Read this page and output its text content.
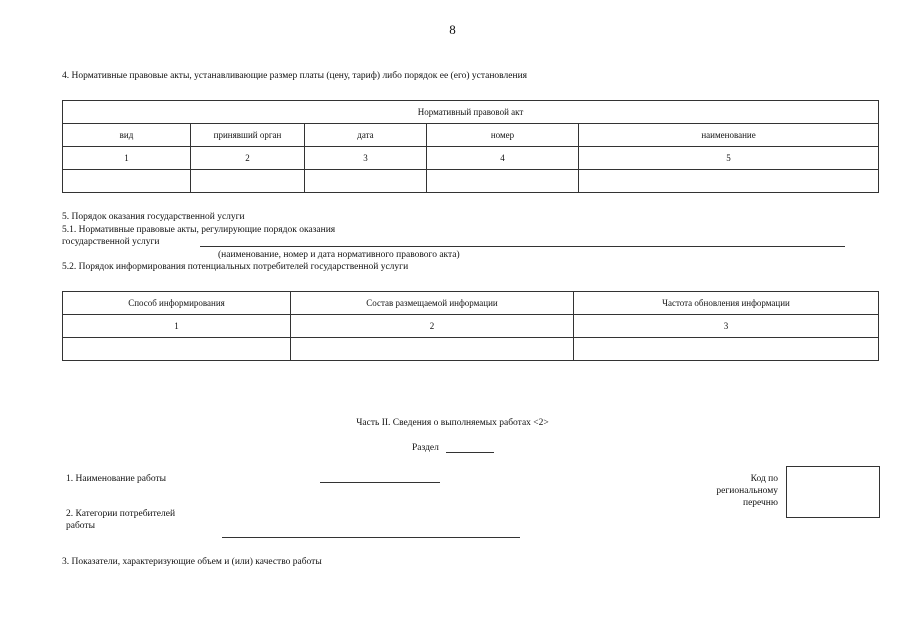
8
4. Нормативные правовые акты, устанавливающие размер платы (цену, тариф) либо порядок ее (его) установления
Нормативный правовой акт				
вид	принявший орган	дата	номер	наименование
1	2	3	4	5

5. Порядок оказания государственной услуги
5.1. Нормативные правовые акты, регулирующие порядок оказания
государственной услуги
(наименование, номер и дата нормативного правового акта)
5.2. Порядок информирования потенциальных потребителей государственной услуги
Способ информирования	Состав размещаемой информации	Частота обновления информации
1	2	3

Часть II. Сведения о выполняемых работах <2>
Раздел
1. Наименование работы	Код по
региональному
перечню
2. Категории потребителей
работы
3. Показатели, характеризующие объем и (или) качество работы
